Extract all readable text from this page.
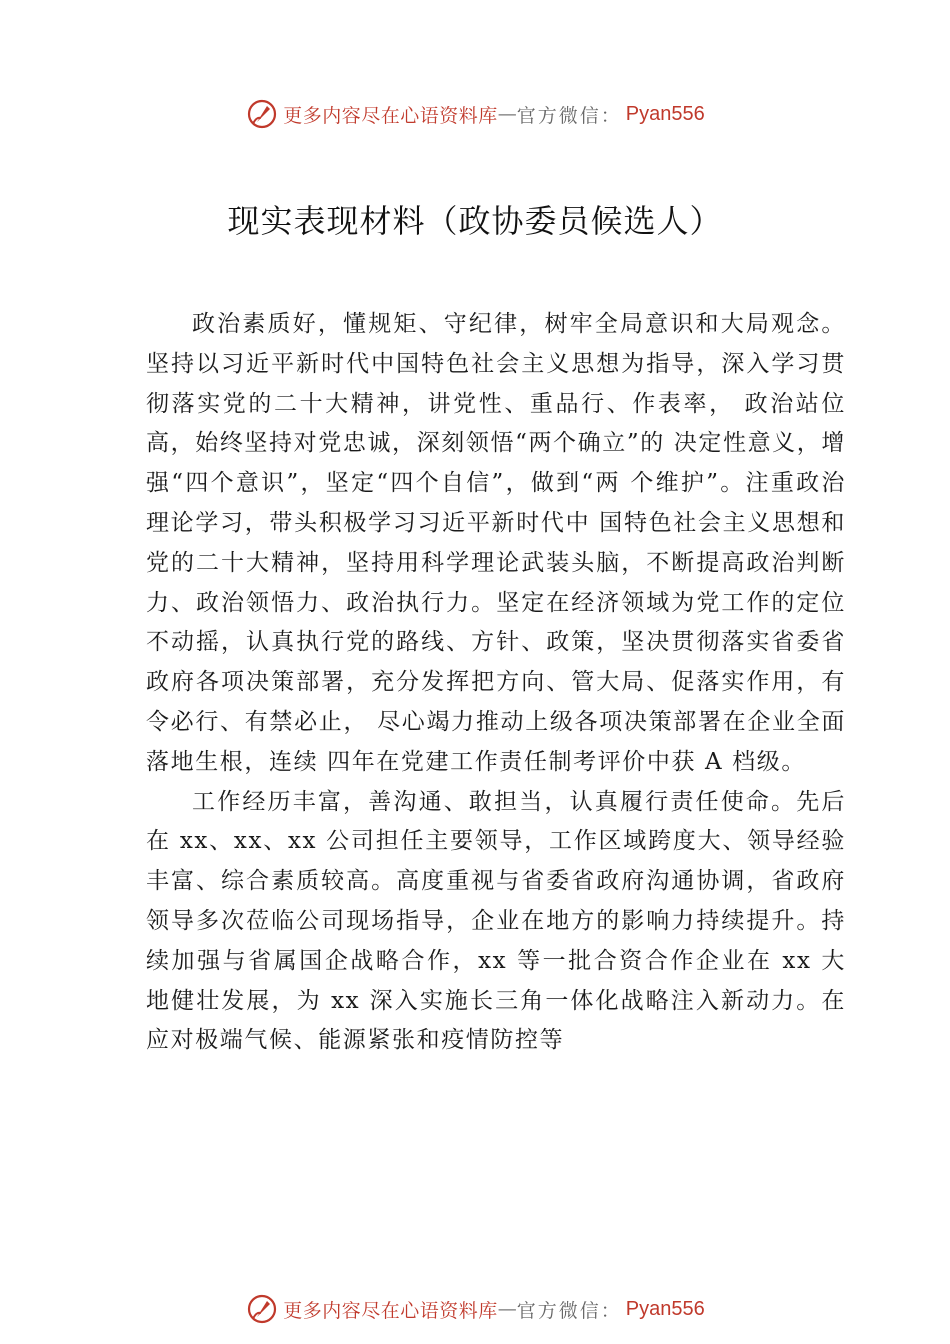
更多内容尽在心语资料库 — 官方微信： Pyan556
现实表现材料（政协委员候选人）

政治素质好，懂规矩、守纪律，树牢全局意识和大局观念。坚持以习近平新时代中国特色社会主义思想为指导，深入学习贯彻落实党的二十大精神，讲党性、重品行、作表率， 政治站位高，始终坚持对党忠诚，深刻领悟“两个确立”的 决定性意义，增强“四个意识”，坚定“四个自信”，做到“两 个维护”。注重政治理论学习，带头积极学习习近平新时代中 国特色社会主义思想和党的二十大精神，坚持用科学理论武装头脑，不断提高政治判断力、政治领悟力、政治执行力。坚定在经济领域为党工作的定位不动摇，认真执行党的路线、方针、政策，坚决贯彻落实省委省政府各项决策部署，充分发挥把方向、管大局、促落实作用，有令必行、有禁必止， 尽心竭力推动上级各项决策部署在企业全面落地生根，连续 四年在党建工作责任制考评价中获 A 档级。

工作经历丰富，善沟通、敢担当，认真履行责任使命。先后在 xx、xx、xx 公司担任主要领导，工作区域跨度大、领导经验丰富、综合素质较高。高度重视与省委省政府沟通协调，省政府领导多次莅临公司现场指导，企业在地方的影响力持续提升。持续加强与省属国企战略合作，xx 等一批合资合作企业在 xx 大地健壮发展，为 xx 深入实施长三角一体化战略注入新动力。在应对极端气候、能源紧张和疫情防控等

更多内容尽在心语资料库 — 官方微信： Pyan556
